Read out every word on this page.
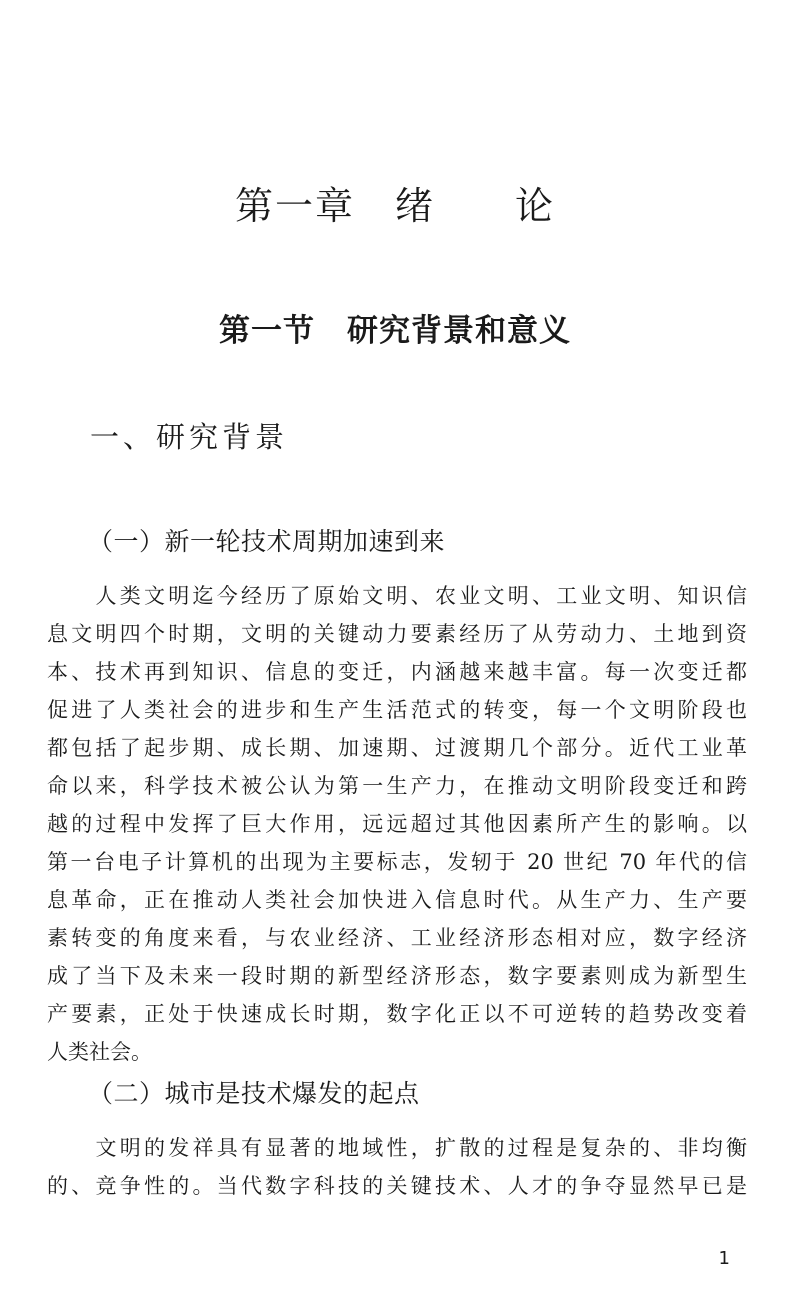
第一章　绪　　论
第一节　研究背景和意义
一、研究背景
（一）新一轮技术周期加速到来
　　人类文明迄今经历了原始文明、农业文明、工业文明、知识信
息文明四个时期，文明的关键动力要素经历了从劳动力、土地到资
本、技术再到知识、信息的变迁，内涵越来越丰富。每一次变迁都
促进了人类社会的进步和生产生活范式的转变，每一个文明阶段也
都包括了起步期、成长期、加速期、过渡期几个部分。近代工业革
命以来，科学技术被公认为第一生产力，在推动文明阶段变迁和跨
越的过程中发挥了巨大作用，远远超过其他因素所产生的影响。以
第一台电子计算机的出现为主要标志，发轫于 20 世纪 70 年代的信
息革命，正在推动人类社会加快进入信息时代。从生产力、生产要
素转变的角度来看，与农业经济、工业经济形态相对应，数字经济
成了当下及未来一段时期的新型经济形态，数字要素则成为新型生
产要素，正处于快速成长时期，数字化正以不可逆转的趋势改变着
人类社会。
（二）城市是技术爆发的起点
　　文明的发祥具有显著的地域性，扩散的过程是复杂的、非均衡
的、竞争性的。当代数字科技的关键技术、人才的争夺显然早已是
1
